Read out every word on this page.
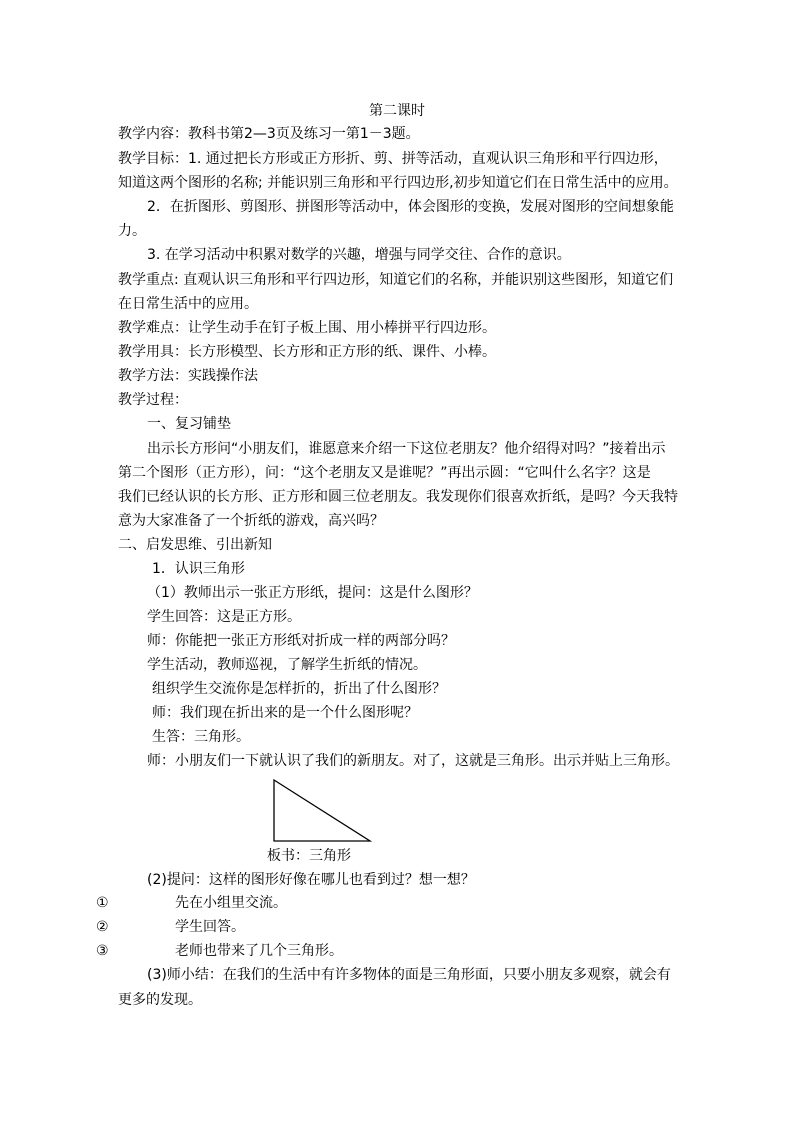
第二课时
教学内容：教科书第2—3页及练习一第1－3题。
教学目标：1. 通过把长方形或正方形折、剪、拼等活动，直观认识三角形和平行四边形，
知道这两个图形的名称; 并能识别三角形和平行四边形,初步知道它们在日常生活中的应用。
2．在折图形、剪图形、拼图形等活动中，体会图形的变换，发展对图形的空间想象能
力。
3. 在学习活动中积累对数学的兴趣，增强与同学交往、合作的意识。
教学重点: 直观认识三角形和平行四边形，知道它们的名称，并能识别这些图形，知道它们
在日常生活中的应用。
教学难点：让学生动手在钉子板上围、用小棒拼平行四边形。
教学用具：长方形模型、长方形和正方形的纸、课件、小棒。
教学方法：实践操作法
教学过程：
一、复习铺垫
出示长方形问“小朋友们，谁愿意来介绍一下这位老朋友？他介绍得对吗？”接着出示
第二个图形（正方形），问：“这个老朋友又是谁呢？”再出示圆：“它叫什么名字？这是
我们已经认识的长方形、正方形和圆三位老朋友。我发现你们很喜欢折纸，是吗？今天我特
意为大家准备了一个折纸的游戏，高兴吗？
二、启发思维、引出新知
1．认识三角形
（1）教师出示一张正方形纸，提问：这是什么图形？
学生回答：这是正方形。
师：你能把一张正方形纸对折成一样的两部分吗？
学生活动，教师巡视，了解学生折纸的情况。
组织学生交流你是怎样折的，折出了什么图形？
师：我们现在折出来的是一个什么图形呢？
生答：三角形。
师：小朋友们一下就认识了我们的新朋友。对了，这就是三角形。出示并贴上三角形。
板书：三角形
(2)提问：这样的图形好像在哪儿也看到过？想一想？
①	先在小组里交流。
②	学生回答。
③	老师也带来了几个三角形。
(3)师小结：在我们的生活中有许多物体的面是三角形面，只要小朋友多观察，就会有
更多的发现。
